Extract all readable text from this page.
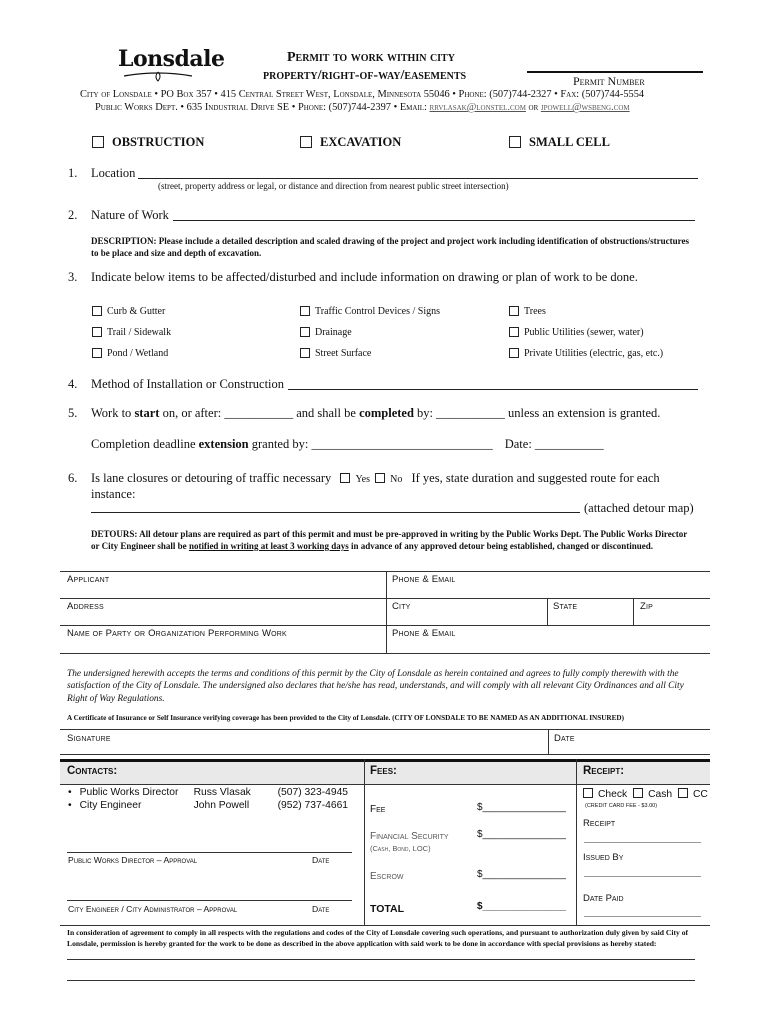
Lonsdale	Permit to work within city
property/right-of-way/easements	Permit Number
City of Lonsdale • PO Box 357 • 415 Central Street West, Lonsdale, Minnesota 55046 • Phone: (507)744-2327 • Fax: (507)744-5554
Public Works Dept. • 635 Industrial Drive SE • Phone: (507)744-2397 • Email: rrvlasak@lonstel.com or jpowell@wsbeng.com
OBSTRUCTION	EXCAVATION	SMALL CELL
1. Location
(street, property address or legal, or distance and direction from nearest public street intersection)
2. Nature of Work
DESCRIPTION: Please include a detailed description and scaled drawing of the project and project work including identification of obstructions/structures to be place and size and depth of excavation.
3. Indicate below items to be affected/disturbed and include information on drawing or plan of work to be done.
Curb & Gutter	Traffic Control Devices / Signs	Trees
Trail / Sidewalk	Drainage	Public Utilities (sewer, water)
Pond / Wetland	Street Surface	Private Utilities (electric, gas, etc.)
4. Method of Installation or Construction
5. Work to start on, or after: ___________ and shall be completed by: ___________ unless an extension is granted.
Completion deadline extension granted by: _____________________________ Date: ___________
6. Is lane closures or detouring of traffic necessary Yes No If yes, state duration and suggested route for each
instance:
(attached detour map)
DETOURS: All detour plans are required as part of this permit and must be pre-approved in writing by the Public Works Dept. The Public Works Director or City Engineer shall be notified in writing at least 3 working days in advance of any approved detour being established, changed or discontinued.
Applicant	Phone & Email
Address	City	State	Zip
Name of Party or Organization Performing Work	Phone & Email
The undersigned herewith accepts the terms and conditions of this permit by the City of Lonsdale as herein contained and agrees to fully comply therewith with the satisfaction of the City of Lonsdale. The undersigned also declares that he/she has read, understands, and will comply with all relevant City Ordinances and all City Right of Way Regulations.
A Certificate of Insurance or Self Insurance verifying coverage has been provided to the City of Lonsdale. (CITY OF LONSDALE TO BE NAMED AS AN ADDITIONAL INSURED)
Signature	Date
Contacts:	Fees:	Receipt:
• Public Works Director Russ Vlasak	(507) 323-4945
• City Engineer	John Powell	(952) 737-4661
Public Works Director – Approval	Date
City Engineer / City Administrator – Approval	Date
Fee	$_______________
Financial Security	$_______________
(Cash, Bond, LOC)
Escrow	$_______________
TOTAL	$_______________
Check Cash CC
(CREDIT CARD FEE - $3.00)
Receipt
Issued By
Date Paid
In consideration of agreement to comply in all respects with the regulations and codes of the City of Lonsdale covering such operations, and pursuant to authorization duly given by said City of Lonsdale, permission is hereby granted for the work to be done as described in the above application with said work to be done in accordance with special provisions as hereby stated:
